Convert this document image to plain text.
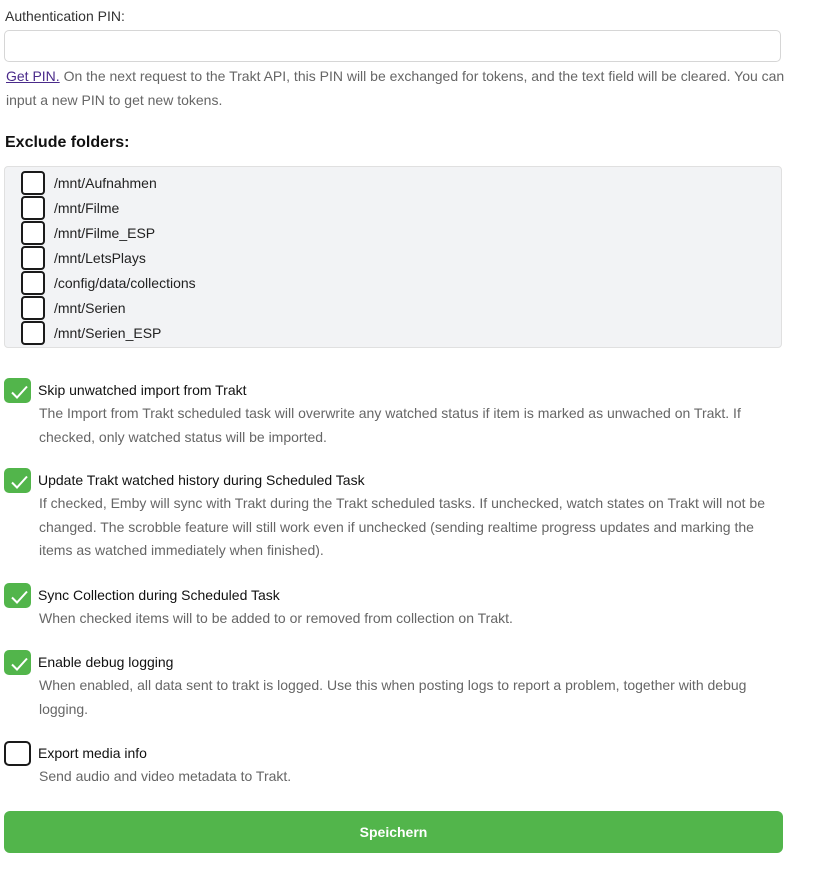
Authentication PIN:
Get PIN. On the next request to the Trakt API, this PIN will be exchanged for tokens, and the text field will be cleared. You can input a new PIN to get new tokens.
Exclude folders:
/mnt/Aufnahmen
/mnt/Filme
/mnt/Filme_ESP
/mnt/LetsPlays
/config/data/collections
/mnt/Serien
/mnt/Serien_ESP
Skip unwatched import from Trakt
The Import from Trakt scheduled task will overwrite any watched status if item is marked as unwached on Trakt. If checked, only watched status will be imported.
Update Trakt watched history during Scheduled Task
If checked, Emby will sync with Trakt during the Trakt scheduled tasks. If unchecked, watch states on Trakt will not be changed. The scrobble feature will still work even if unchecked (sending realtime progress updates and marking the items as watched immediately when finished).
Sync Collection during Scheduled Task
When checked items will to be added to or removed from collection on Trakt.
Enable debug logging
When enabled, all data sent to trakt is logged. Use this when posting logs to report a problem, together with debug logging.
Export media info
Send audio and video metadata to Trakt.
Speichern
